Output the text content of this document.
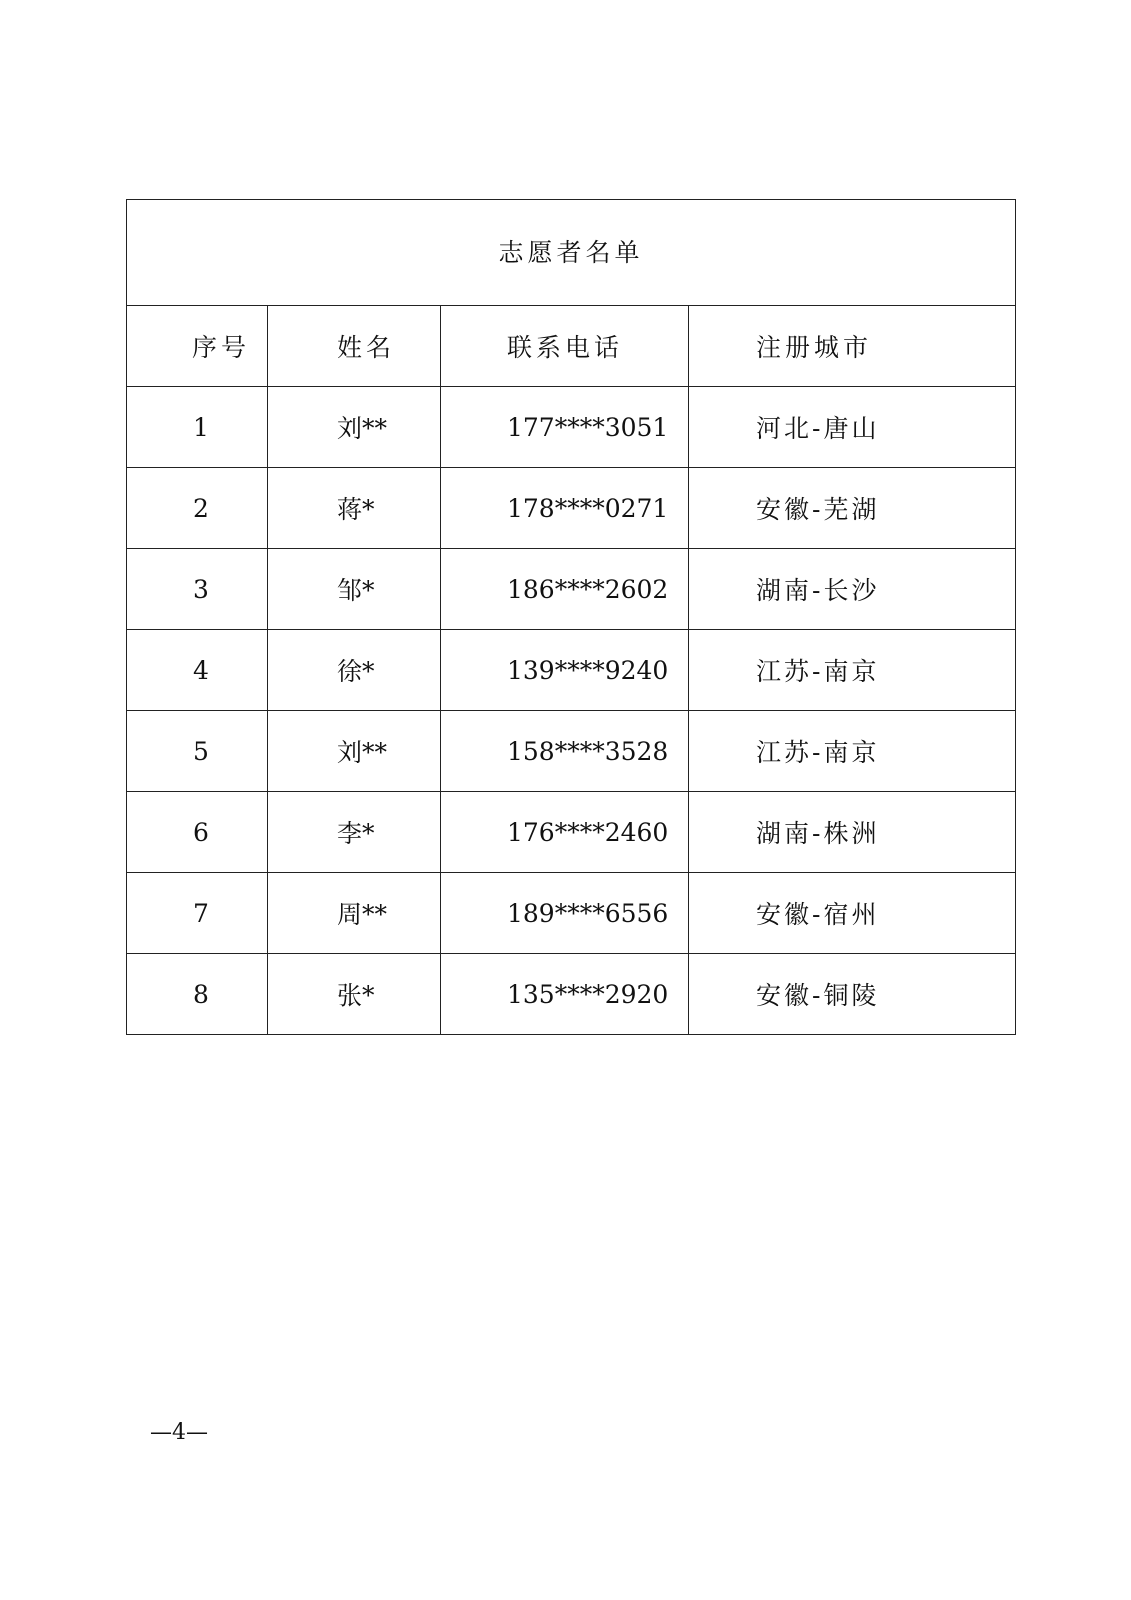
志愿者名单			
序号	姓名	联系电话	注册城市
1	刘**	177****3051	河北-唐山
2	蒋*	178****0271	安徽-芜湖
3	邹*	186****2602	湖南-长沙
4	徐*	139****9240	江苏-南京
5	刘**	158****3528	江苏-南京
6	李*	176****2460	湖南-株洲
7	周**	189****6556	安徽-宿州
8	张*	135****2920	安徽-铜陵
—4—
